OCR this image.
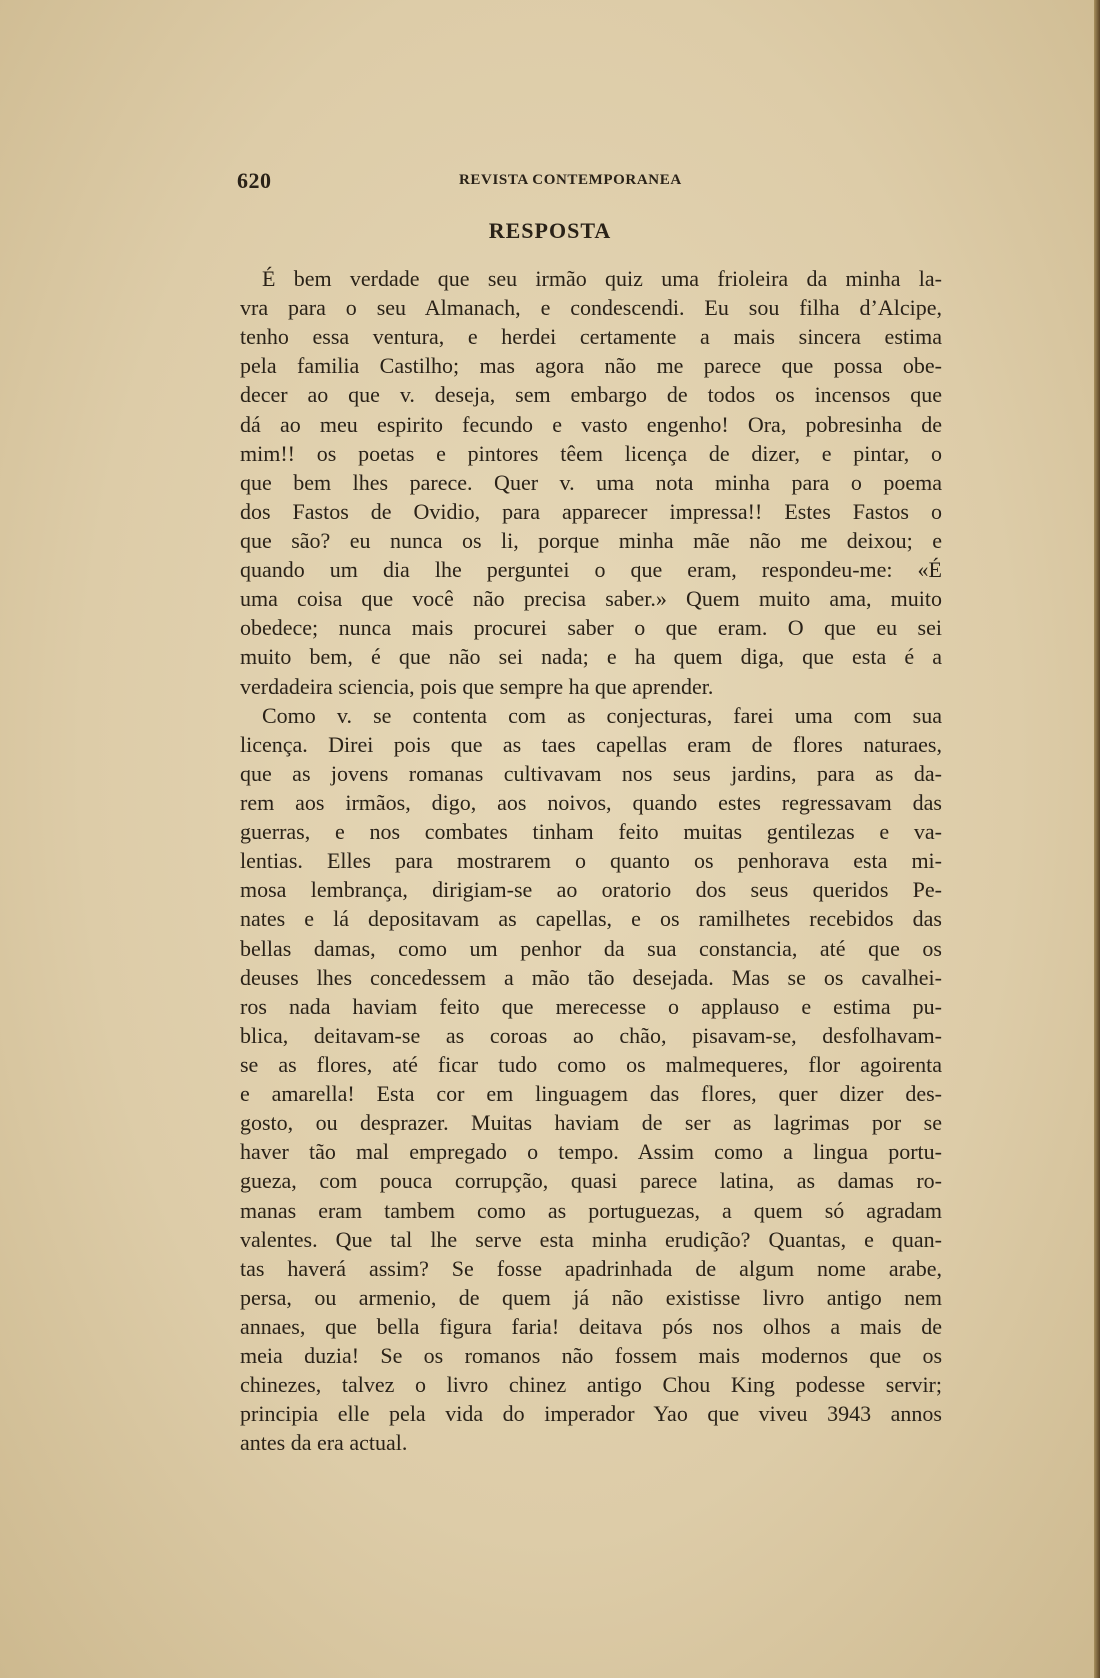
620	REVISTA CONTEMPORANEA
RESPOSTA
É bem verdade que seu irmão quiz uma frioleira da minha la-
vra para o seu Almanach, e condescendi. Eu sou filha d’Alcipe,
tenho essa ventura, e herdei certamente a mais sincera estima
pela familia Castilho; mas agora não me parece que possa obe-
decer ao que v. deseja, sem embargo de todos os incensos que
dá ao meu espirito fecundo e vasto engenho! Ora, pobresinha de
mim!! os poetas e pintores têem licença de dizer, e pintar, o
que bem lhes parece. Quer v. uma nota minha para o poema
dos Fastos de Ovidio, para apparecer impressa!! Estes Fastos o
que são? eu nunca os li, porque minha mãe não me deixou; e
quando um dia lhe perguntei o que eram, respondeu-me: «É
uma coisa que você não precisa saber.» Quem muito ama, muito
obedece; nunca mais procurei saber o que eram. O que eu sei
muito bem, é que não sei nada; e ha quem diga, que esta é a
verdadeira sciencia, pois que sempre ha que aprender.
Como v. se contenta com as conjecturas, farei uma com sua
licença. Direi pois que as taes capellas eram de flores naturaes,
que as jovens romanas cultivavam nos seus jardins, para as da-
rem aos irmãos, digo, aos noivos, quando estes regressavam das
guerras, e nos combates tinham feito muitas gentilezas e va-
lentias. Elles para mostrarem o quanto os penhorava esta mi-
mosa lembrança, dirigiam-se ao oratorio dos seus queridos Pe-
nates e lá depositavam as capellas, e os ramilhetes recebidos das
bellas damas, como um penhor da sua constancia, até que os
deuses lhes concedessem a mão tão desejada. Mas se os cavalhei-
ros nada haviam feito que merecesse o applauso e estima pu-
blica, deitavam-se as coroas ao chão, pisavam-se, desfolhavam-
se as flores, até ficar tudo como os malmequeres, flor agoirenta
e amarella! Esta cor em linguagem das flores, quer dizer des-
gosto, ou desprazer. Muitas haviam de ser as lagrimas por se
haver tão mal empregado o tempo. Assim como a lingua portu-
gueza, com pouca corrupção, quasi parece latina, as damas ro-
manas eram tambem como as portuguezas, a quem só agradam
valentes. Que tal lhe serve esta minha erudição? Quantas, e quan-
tas haverá assim? Se fosse apadrinhada de algum nome arabe,
persa, ou armenio, de quem já não existisse livro antigo nem
annaes, que bella figura faria! deitava pós nos olhos a mais de
meia duzia! Se os romanos não fossem mais modernos que os
chinezes, talvez o livro chinez antigo Chou King podesse servir;
principia elle pela vida do imperador Yao que viveu 3943 annos
antes da era actual.
